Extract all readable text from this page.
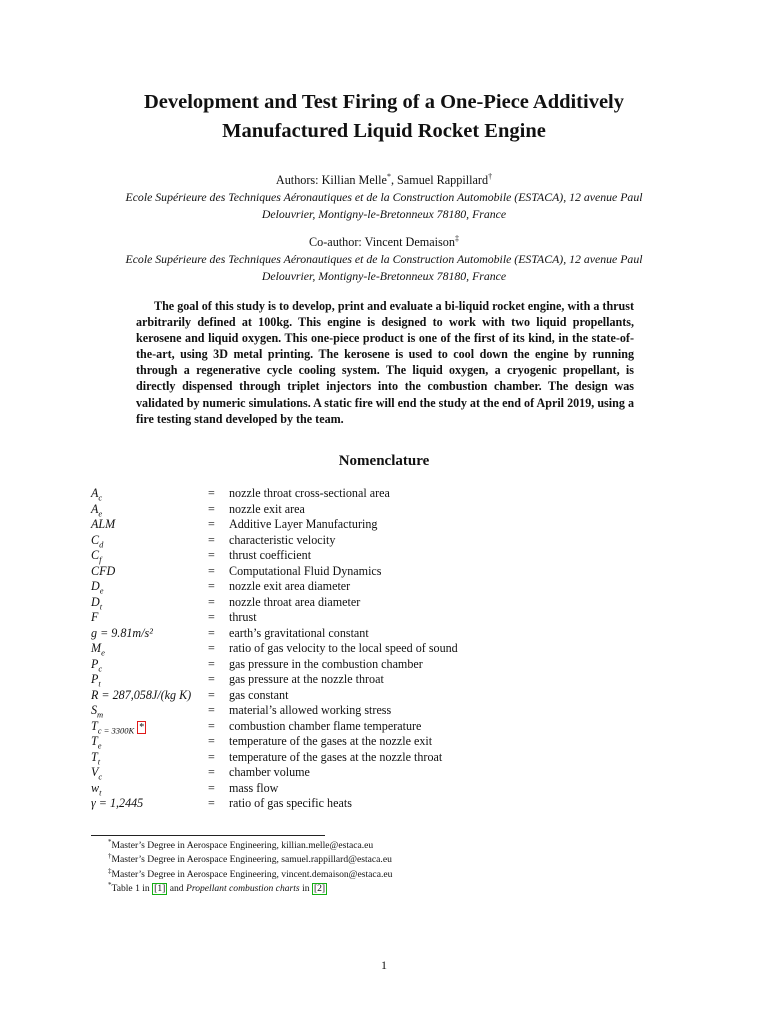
Development and Test Firing of a One-Piece Additively
Manufactured Liquid Rocket Engine
Authors: Killian Melle*, Samuel Rappillard†
Ecole Supérieure des Techniques Aéronautiques et de la Construction Automobile (ESTACA), 12 avenue Paul
Delouvrier, Montigny-le-Bretonneux 78180, France
Co-author: Vincent Demaison‡
Ecole Supérieure des Techniques Aéronautiques et de la Construction Automobile (ESTACA), 12 avenue Paul
Delouvrier, Montigny-le-Bretonneux 78180, France
The goal of this study is to develop, print and evaluate a bi-liquid rocket engine, with a thrust arbitrarily defined at 100kg. This engine is designed to work with two liquid propellants, kerosene and liquid oxygen. This one-piece product is one of the first of its kind, in the state-of-the-art, using 3D metal printing. The kerosene is used to cool down the engine by running through a regenerative cycle cooling system. The liquid oxygen, a cryogenic propellant, is directly dispensed through triplet injectors into the combustion chamber. The design was validated by numeric simulations. A static fire will end the study at the end of April 2019, using a fire testing stand developed by the team.
Nomenclature
$A_c$	= nozzle throat cross-sectional area
$A_e$	= nozzle exit area
ALM	= Additive Layer Manufacturing
$C_d$	= characteristic velocity
$C_f$	= thrust coefficient
CFD	= Computational Fluid Dynamics
$D_e$	= nozzle exit area diameter
$D_t$	= nozzle throat area diameter
F	= thrust
g = 9.81m/s²	= earth’s gravitational constant
$M_e$	= ratio of gas velocity to the local speed of sound
$P_c$	= gas pressure in the combustion chamber
$P_t$	= gas pressure at the nozzle throat
R = 287,058J/(kg K) = gas constant
$S_m$	= material’s allowed working stress
$T_{c = 3300K}$ *	= combustion chamber flame temperature
$T_e$	= temperature of the gases at the nozzle exit
$T_t$	= temperature of the gases at the nozzle throat
$V_c$	= chamber volume
$w_t$	= mass flow
γ = 1,2445	= ratio of gas specific heats
*Master’s Degree in Aerospace Engineering, killian.melle@estaca.eu
†Master’s Degree in Aerospace Engineering, samuel.rappillard@estaca.eu
‡Master’s Degree in Aerospace Engineering, vincent.demaison@estaca.eu
*Table 1 in [1] and Propellant combustion charts in [2]
1
